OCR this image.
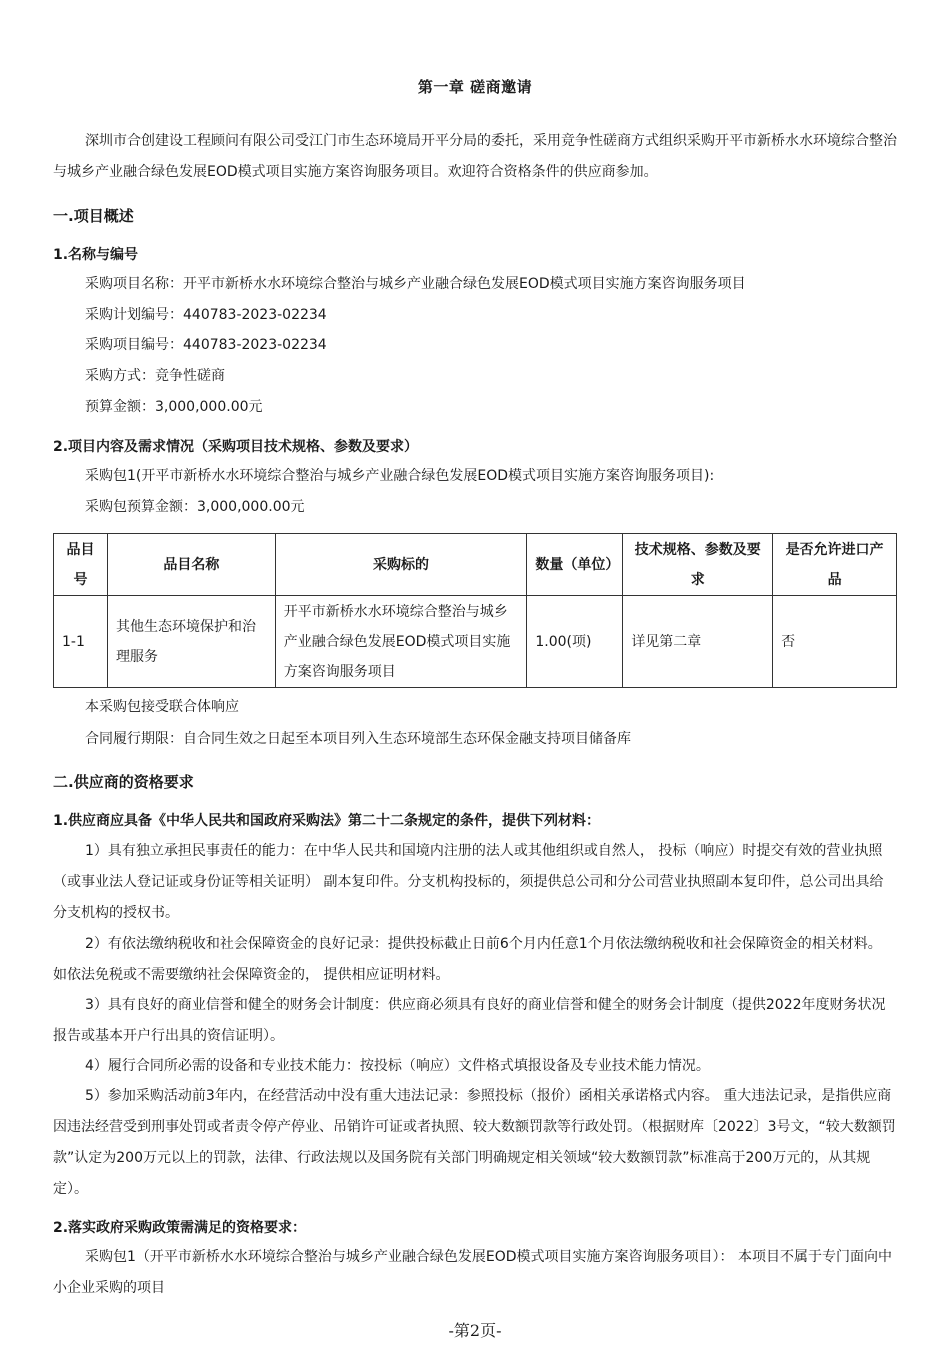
第一章 磋商邀请
深圳市合创建设工程顾问有限公司受江门市生态环境局开平分局的委托，采用竞争性磋商方式组织采购开平市新桥水水环境综合整治与城乡产业融合绿色发展EOD模式项目实施方案咨询服务项目。欢迎符合资格条件的供应商参加。
一.项目概述
1.名称与编号
采购项目名称：开平市新桥水水环境综合整治与城乡产业融合绿色发展EOD模式项目实施方案咨询服务项目
采购计划编号：440783-2023-02234
采购项目编号：440783-2023-02234
采购方式：竞争性磋商
预算金额：3,000,000.00元
2.项目内容及需求情况（采购项目技术规格、参数及要求）
采购包1(开平市新桥水水环境综合整治与城乡产业融合绿色发展EOD模式项目实施方案咨询服务项目):
采购包预算金额：3,000,000.00元
品目号	品目名称	采购标的	数量（单位）	技术规格、参数及要求	是否允许进口产品
1-1	其他生态环境保护和治理服务	开平市新桥水水环境综合整治与城乡产业融合绿色发展EOD模式项目实施方案咨询服务项目	1.00(项)	详见第二章	否
本采购包接受联合体响应
合同履行期限：自合同生效之日起至本项目列入生态环境部生态环保金融支持项目储备库
二.供应商的资格要求
1.供应商应具备《中华人民共和国政府采购法》第二十二条规定的条件，提供下列材料：
1）具有独立承担民事责任的能力：在中华人民共和国境内注册的法人或其他组织或自然人， 投标（响应）时提交有效的营业执照（或事业法人登记证或身份证等相关证明） 副本复印件。分支机构投标的，须提供总公司和分公司营业执照副本复印件，总公司出具给分支机构的授权书。
2）有依法缴纳税收和社会保障资金的良好记录：提供投标截止日前6个月内任意1个月依法缴纳税收和社会保障资金的相关材料。 如依法免税或不需要缴纳社会保障资金的， 提供相应证明材料。
3）具有良好的商业信誉和健全的财务会计制度：供应商必须具有良好的商业信誉和健全的财务会计制度（提供2022年度财务状况报告或基本开户行出具的资信证明）。
4）履行合同所必需的设备和专业技术能力：按投标（响应）文件格式填报设备及专业技术能力情况。
5）参加采购活动前3年内，在经营活动中没有重大违法记录：参照投标（报价）函相关承诺格式内容。 重大违法记录，是指供应商因违法经营受到刑事处罚或者责令停产停业、吊销许可证或者执照、较大数额罚款等行政处罚。（根据财库〔2022〕3号文，“较大数额罚款”认定为200万元以上的罚款，法律、行政法规以及国务院有关部门明确规定相关领域“较大数额罚款”标准高于200万元的，从其规定）。
2.落实政府采购政策需满足的资格要求：
采购包1（开平市新桥水水环境综合整治与城乡产业融合绿色发展EOD模式项目实施方案咨询服务项目）： 本项目不属于专门面向中小企业采购的项目
-第2页-
